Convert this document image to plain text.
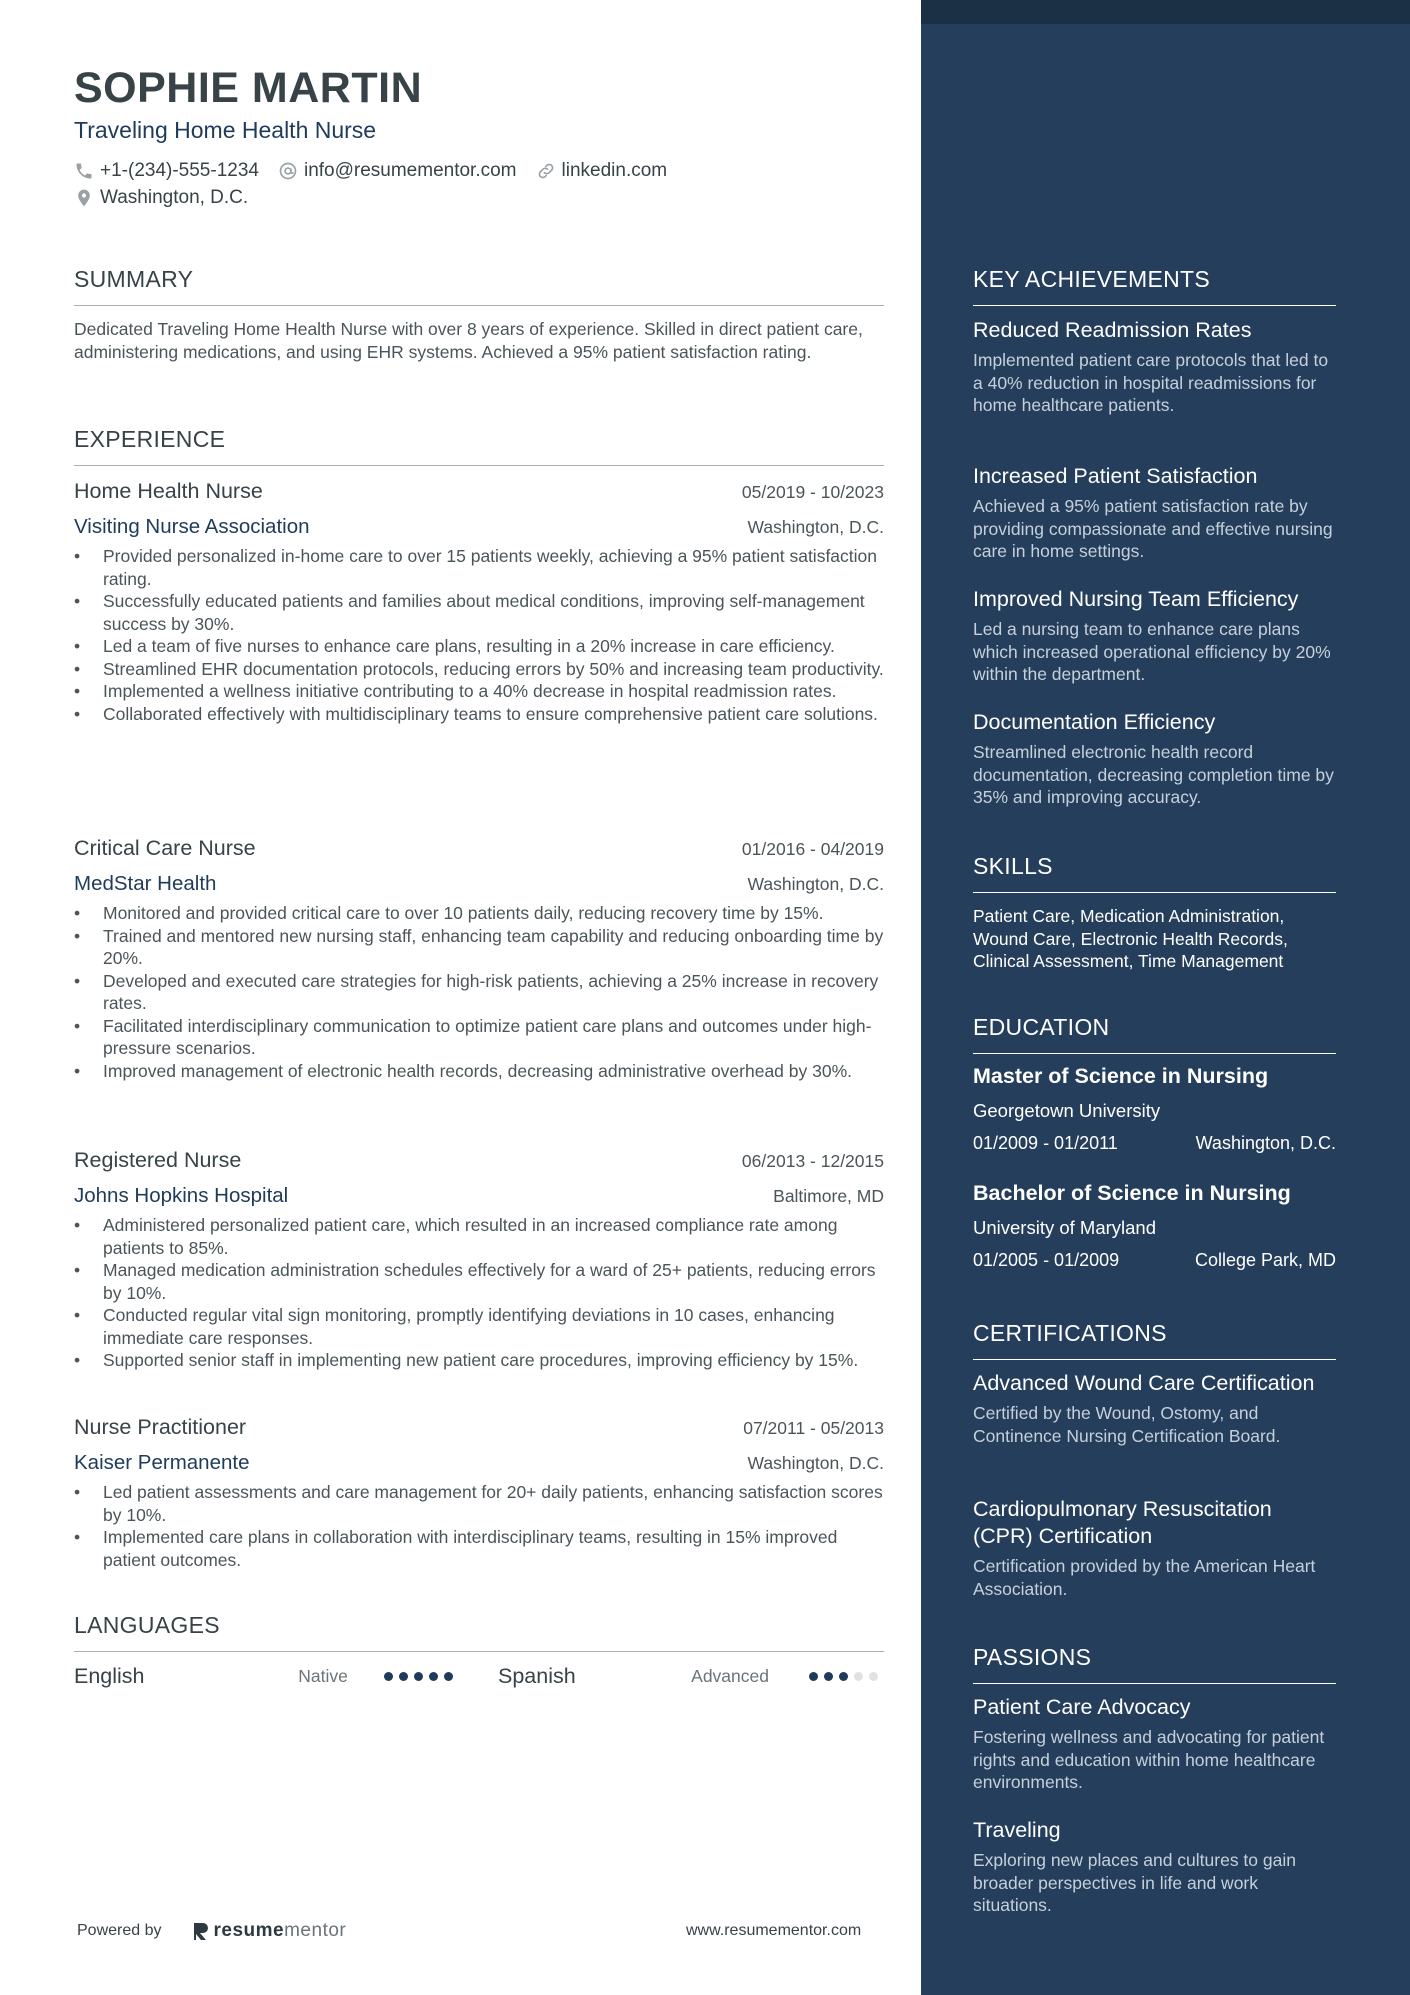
SOPHIE MARTIN
Traveling Home Health Nurse
+1-(234)-555-1234 info@resumementor.com linkedin.com
Washington, D.C.
SUMMARY
Dedicated Traveling Home Health Nurse with over 8 years of experience. Skilled in direct patient care, administering medications, and using EHR systems. Achieved a 95% patient satisfaction rating.
EXPERIENCE
Home Health Nurse	05/2019 - 10/2023
Visiting Nurse Association	Washington, D.C.
• Provided personalized in-home care to over 15 patients weekly, achieving a 95% patient satisfaction rating.
• Successfully educated patients and families about medical conditions, improving self-management success by 30%.
• Led a team of five nurses to enhance care plans, resulting in a 20% increase in care efficiency.
• Streamlined EHR documentation protocols, reducing errors by 50% and increasing team productivity.
• Implemented a wellness initiative contributing to a 40% decrease in hospital readmission rates.
• Collaborated effectively with multidisciplinary teams to ensure comprehensive patient care solutions.
Critical Care Nurse	01/2016 - 04/2019
MedStar Health	Washington, D.C.
• Monitored and provided critical care to over 10 patients daily, reducing recovery time by 15%.
• Trained and mentored new nursing staff, enhancing team capability and reducing onboarding time by 20%.
• Developed and executed care strategies for high-risk patients, achieving a 25% increase in recovery rates.
• Facilitated interdisciplinary communication to optimize patient care plans and outcomes under high-pressure scenarios.
• Improved management of electronic health records, decreasing administrative overhead by 30%.
Registered Nurse	06/2013 - 12/2015
Johns Hopkins Hospital	Baltimore, MD
• Administered personalized patient care, which resulted in an increased compliance rate among patients to 85%.
• Managed medication administration schedules effectively for a ward of 25+ patients, reducing errors by 10%.
• Conducted regular vital sign monitoring, promptly identifying deviations in 10 cases, enhancing immediate care responses.
• Supported senior staff in implementing new patient care procedures, improving efficiency by 15%.
Nurse Practitioner	07/2011 - 05/2013
Kaiser Permanente	Washington, D.C.
• Led patient assessments and care management for 20+ daily patients, enhancing satisfaction scores by 10%.
• Implemented care plans in collaboration with interdisciplinary teams, resulting in 15% improved patient outcomes.
LANGUAGES
English	Native	Spanish	Advanced
Powered by	resume mentor	www.resumementor.com
KEY ACHIEVEMENTS
Reduced Readmission Rates
Implemented patient care protocols that led to a 40% reduction in hospital readmissions for home healthcare patients.
Increased Patient Satisfaction
Achieved a 95% patient satisfaction rate by providing compassionate and effective nursing care in home settings.
Improved Nursing Team Efficiency
Led a nursing team to enhance care plans which increased operational efficiency by 20% within the department.
Documentation Efficiency
Streamlined electronic health record documentation, decreasing completion time by 35% and improving accuracy.
SKILLS
Patient Care, Medication Administration, Wound Care, Electronic Health Records, Clinical Assessment, Time Management
EDUCATION
Master of Science in Nursing
Georgetown University
01/2009 - 01/2011	Washington, D.C.
Bachelor of Science in Nursing
University of Maryland
01/2005 - 01/2009	College Park, MD
CERTIFICATIONS
Advanced Wound Care Certification
Certified by the Wound, Ostomy, and Continence Nursing Certification Board.
Cardiopulmonary Resuscitation (CPR) Certification
Certification provided by the American Heart Association.
PASSIONS
Patient Care Advocacy
Fostering wellness and advocating for patient rights and education within home healthcare environments.
Traveling
Exploring new places and cultures to gain broader perspectives in life and work situations.
